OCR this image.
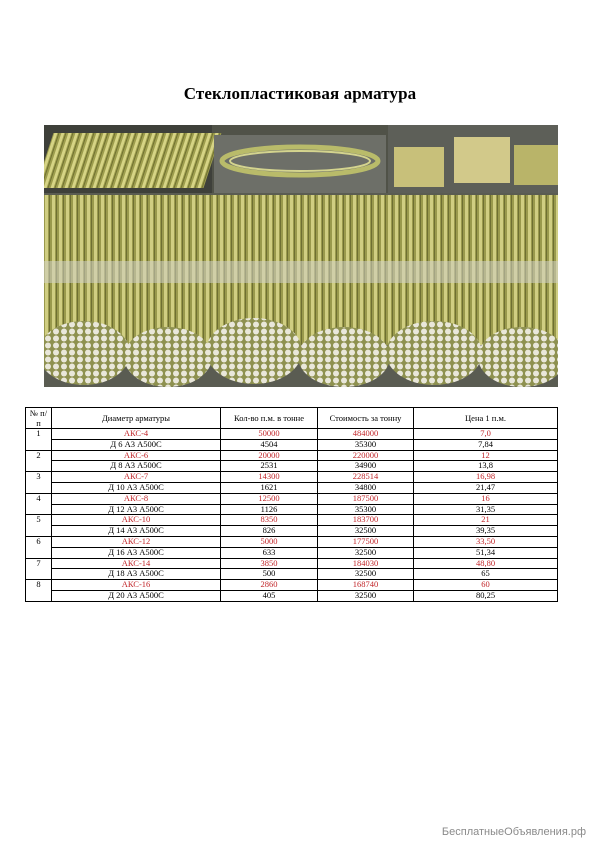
Стеклопластиковая арматура
№ п/п	Диаметр арматуры	Кол-во п.м. в тонне	Стоимость за тонну	Цена 1 п.м.
1	АКС-4	50000	484000	7,0
	Д 6 А3 А500С	4504	35300	7,84
2	АКС-6	20000	220000	12
	Д 8 А3 А500С	2531	34900	13,8
3	АКС-7	14300	228514	16,98
	Д 10 А3 А500С	1621	34800	21,47
4	АКС-8	12500	187500	16
	Д 12 А3 А500С	1126	35300	31,35
5	АКС-10	8350	183700	21
	Д 14 А3 А500С	826	32500	39,35
6	АКС-12	5000	177500	33,50
	Д 16 А3 А500С	633	32500	51,34
7	АКС-14	3850	184030	48,80
	Д 18 А3 А500С	500	32500	65
8	АКС-16	2860	168740	60
	Д 20 А3 А500С	405	32500	80,25
БесплатныеОбъявления.рф
